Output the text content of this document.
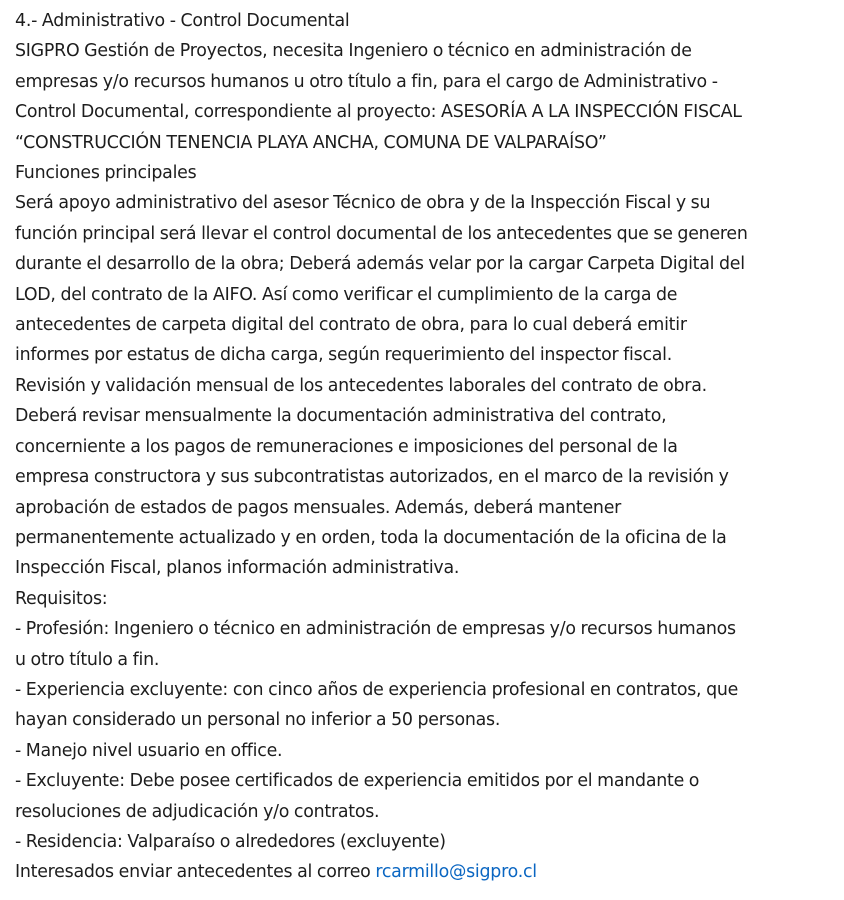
4.- Administrativo - Control Documental

SIGPRO Gestión de Proyectos, necesita Ingeniero o técnico en administración de

empresas y/o recursos humanos u otro título a fin, para el cargo de Administrativo -

Control Documental, correspondiente al proyecto: ASESORÍA A LA INSPECCIÓN FISCAL

“CONSTRUCCIÓN TENENCIA PLAYA ANCHA, COMUNA DE VALPARAÍSO”

Funciones principales

Será apoyo administrativo del asesor Técnico de obra y de la Inspección Fiscal y su

función principal será llevar el control documental de los antecedentes que se generen

durante el desarrollo de la obra; Deberá además velar por la cargar Carpeta Digital del

LOD, del contrato de la AIFO. Así como verificar el cumplimiento de la carga de

antecedentes de carpeta digital del contrato de obra, para lo cual deberá emitir

informes por estatus de dicha carga, según requerimiento del inspector fiscal.

Revisión y validación mensual de los antecedentes laborales del contrato de obra.

Deberá revisar mensualmente la documentación administrativa del contrato,

concerniente a los pagos de remuneraciones e imposiciones del personal de la

empresa constructora y sus subcontratistas autorizados, en el marco de la revisión y

aprobación de estados de pagos mensuales. Además, deberá mantener

permanentemente actualizado y en orden, toda la documentación de la oficina de la

Inspección Fiscal, planos información administrativa.

Requisitos:

- Profesión: Ingeniero o técnico en administración de empresas y/o recursos humanos

u otro título a fin.

- Experiencia excluyente: con cinco años de experiencia profesional en contratos, que

hayan considerado un personal no inferior a 50 personas.

- Manejo nivel usuario en office.

- Excluyente: Debe posee certificados de experiencia emitidos por el mandante o

resoluciones de adjudicación y/o contratos.

- Residencia: Valparaíso o alrededores (excluyente)

Interesados enviar antecedentes al correo rcarmillo@sigpro.cl
